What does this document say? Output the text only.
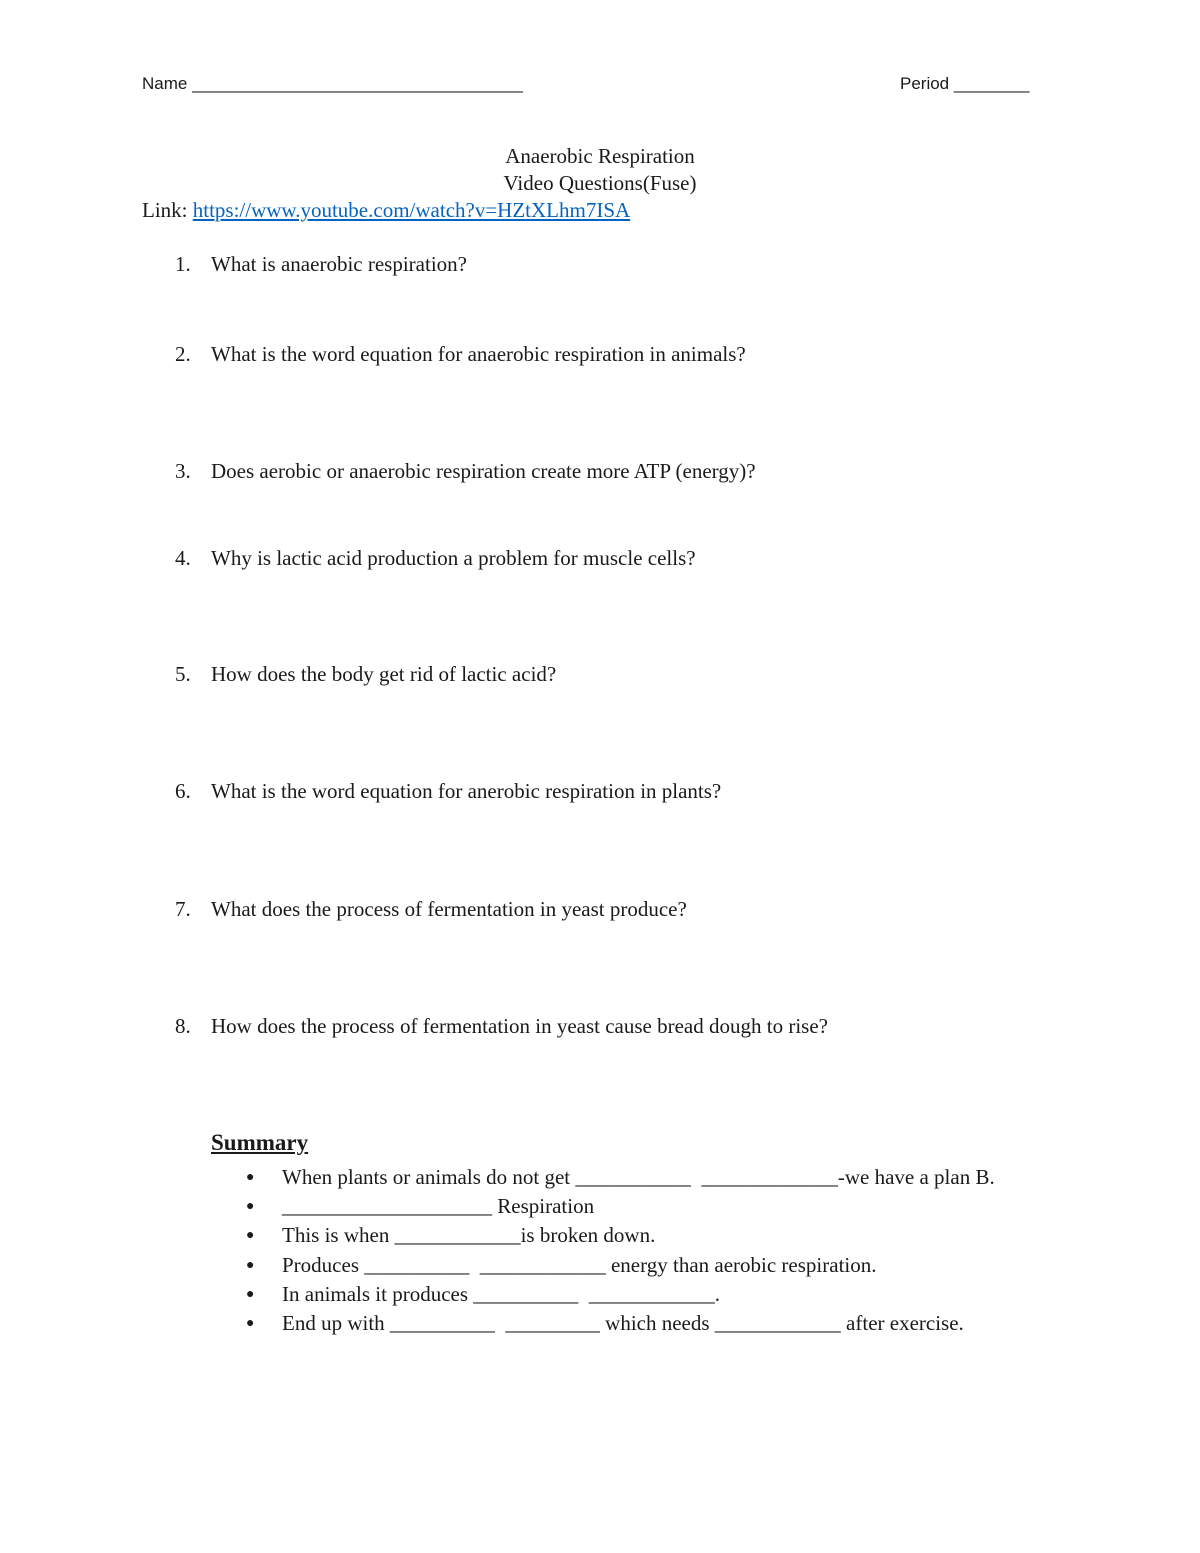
Name ___________________________________	Period ________
Anaerobic Respiration
Video Questions(Fuse)
Link: https://www.youtube.com/watch?v=HZtXLhm7ISA
1. What is anaerobic respiration?
2. What is the word equation for anaerobic respiration in animals?
3. Does aerobic or anaerobic respiration create more ATP (energy)?
4. Why is lactic acid production a problem for muscle cells?
5. How does the body get rid of lactic acid?
6. What is the word equation for anerobic respiration in plants?
7. What does the process of fermentation in yeast produce?
8. How does the process of fermentation in yeast cause bread dough to rise?
Summary
● When plants or animals do not get ___________  _____________-we have a plan B.
● ____________________ Respiration
● This is when ____________is broken down.
● Produces __________  ____________ energy than aerobic respiration.
● In animals it produces __________  ____________.
● End up with __________  _________ which needs ____________ after exercise.
